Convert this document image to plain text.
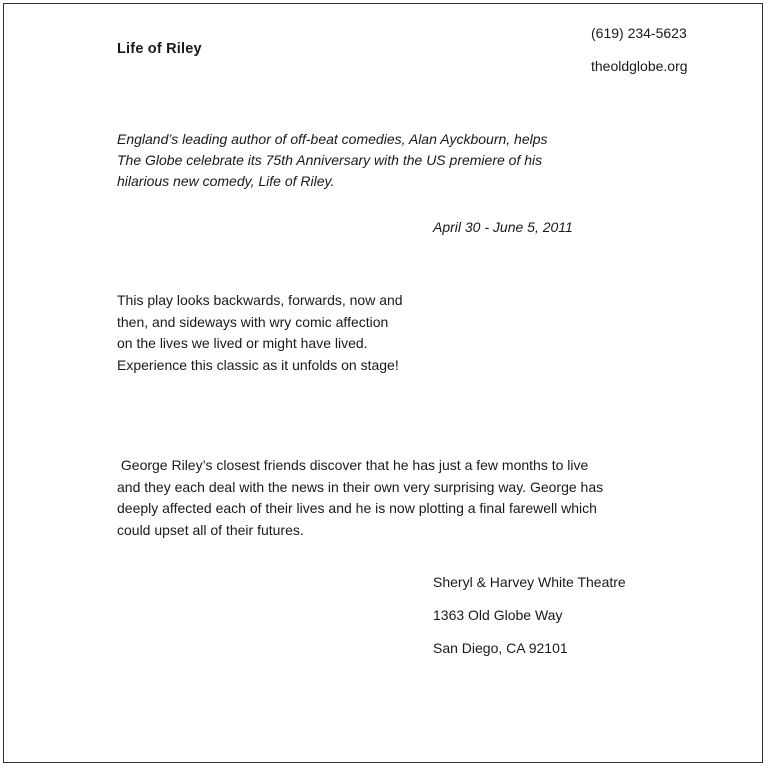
Life of Riley
(619) 234-5623
theoldglobe.org
England’s leading author of off-beat comedies, Alan Ayckbourn, helps
The Globe celebrate its 75th Anniversary with the US premiere of his
hilarious new comedy, Life of Riley.
April 30 - June 5, 2011
This play looks backwards, forwards, now and
then, and sideways with wry comic affection
on the lives we lived or might have lived.
Experience this classic as it unfolds on stage!
George Riley’s closest friends discover that he has just a few months to live
and they each deal with the news in their own very surprising way. George has
deeply affected each of their lives and he is now plotting a final farewell which
could upset all of their futures.
Sheryl & Harvey White Theatre
1363 Old Globe Way
San Diego, CA 92101
